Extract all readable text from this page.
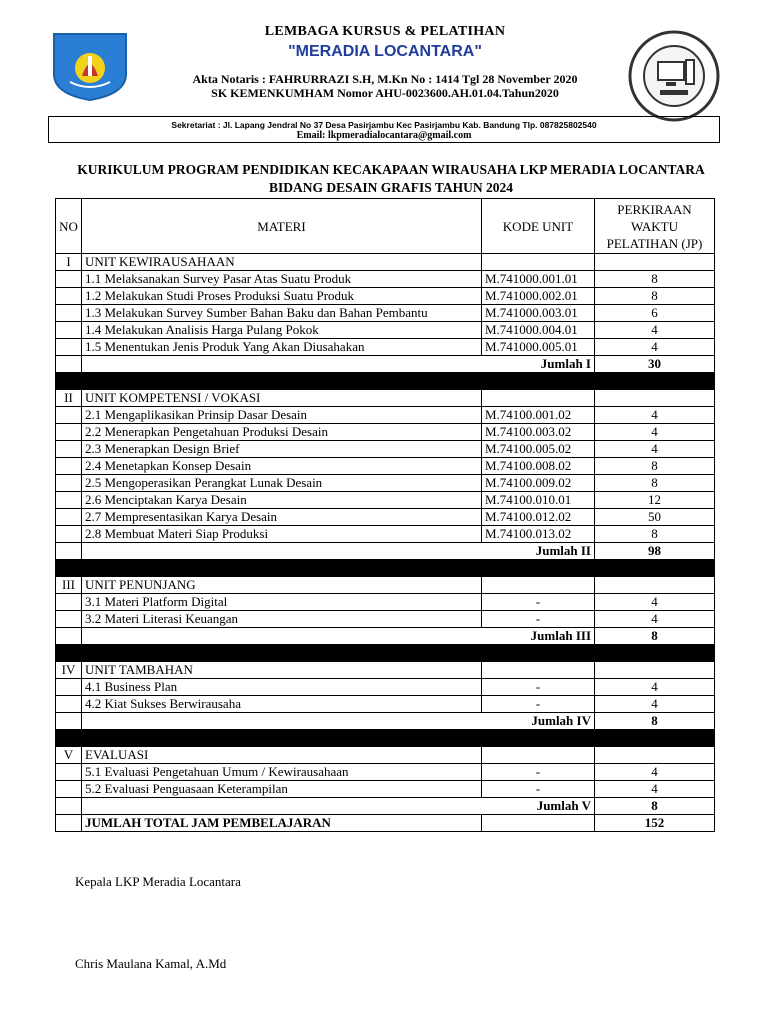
LEMBAGA KURSUS & PELATIHAN
"MERADIA LOCANTARA"
Akta Notaris : FAHRURRAZI S.H, M.Kn No : 1414 Tgl 28 November 2020 SK KEMENKUMHAM Nomor AHU-0023600.AH.01.04.Tahun2020
Sekretariat : Jl. Lapang Jendral No 37 Desa Pasirjambu Kec Pasirjambu Kab. Bandung Tlp. 087825802540
Email: lkpmeradialocantara@gmail.com
KURIKULUM PROGRAM PENDIDIKAN KECAKAPAAN WIRAUSAHA LKP MERADIA LOCANTARA
BIDANG DESAIN GRAFIS TAHUN 2024
NO	MATERI	KODE UNIT	PERKIRAAN WAKTU PELATIHAN (JP)
I	UNIT KEWIRAUSAHAAN		
	1.1 Melaksanakan Survey Pasar Atas Suatu Produk	M.741000.001.01	8
	1.2 Melakukan Studi Proses Produksi Suatu Produk	M.741000.002.01	8
	1.3 Melakukan Survey Sumber Bahan Baku dan Bahan Pembantu	M.741000.003.01	6
	1.4 Melakukan Analisis Harga Pulang Pokok	M.741000.004.01	4
	1.5 Menentukan Jenis Produk Yang Akan Diusahakan	M.741000.005.01	4
	Jumlah I		30

II	UNIT KOMPETENSI / VOKASI		
	2.1 Mengaplikasikan Prinsip Dasar Desain	M.74100.001.02	4
	2.2 Menerapkan Pengetahuan Produksi Desain	M.74100.003.02	4
	2.3 Menerapkan Design Brief	M.74100.005.02	4
	2.4 Menetapkan Konsep Desain	M.74100.008.02	8
	2.5 Mengoperasikan Perangkat Lunak Desain	M.74100.009.02	8
	2.6 Menciptakan Karya Desain	M.74100.010.01	12
	2.7 Mempresentasikan Karya Desain	M.74100.012.02	50
	2.8 Membuat Materi Siap Produksi	M.74100.013.02	8
	Jumlah II		98

III	UNIT PENUNJANG		
	3.1 Materi Platform Digital	-	4
	3.2 Materi Literasi Keuangan	-	4
	Jumlah III		8

IV	UNIT TAMBAHAN		
	4.1 Business Plan	-	4
	4.2 Kiat Sukses Berwirausaha	-	4
	Jumlah IV		8

V	EVALUASI		
	5.1 Evaluasi Pengetahuan Umum / Kewirausahaan	-	4
	5.2 Evaluasi Penguasaan Keterampilan	-	4
	Jumlah V		8
	JUMLAH TOTAL JAM PEMBELAJARAN		152
Kepala LKP Meradia Locantara
Chris Maulana Kamal, A.Md
